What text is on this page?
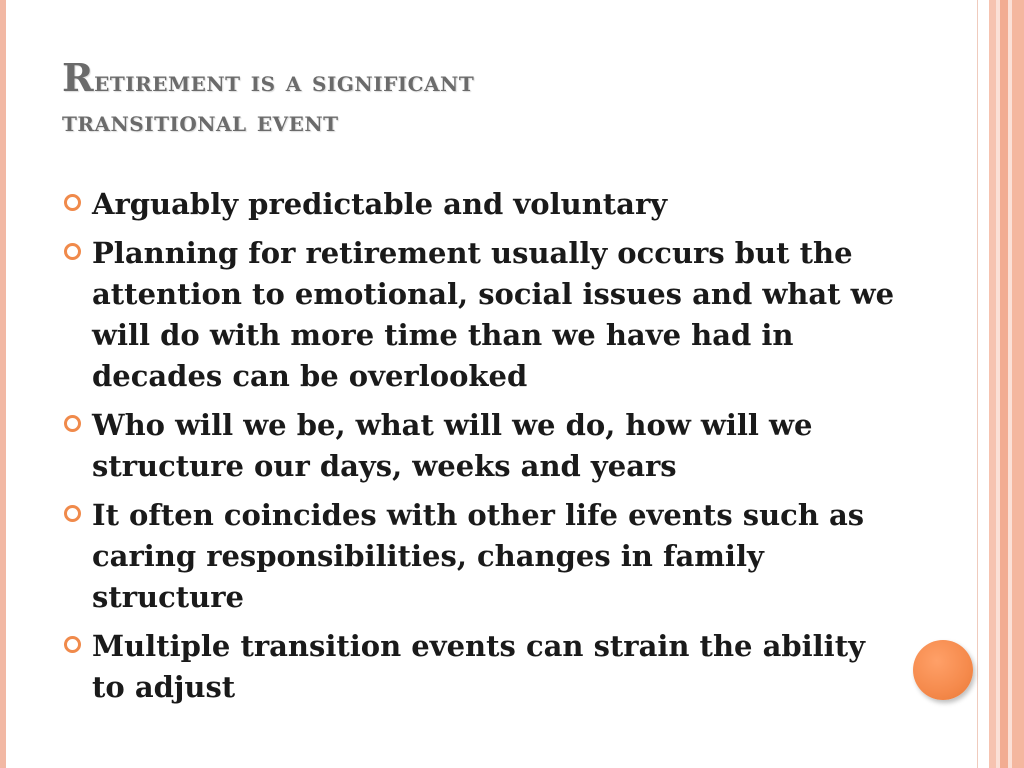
Retirement is a significant
transitional event
Arguably predictable and voluntary
Planning for retirement usually occurs but the attention to emotional, social issues and what we will do with more time than we have had in decades can be overlooked
Who will we be, what will we do, how will we structure our days, weeks and years
It often coincides with other life events such as caring responsibilities, changes in family structure
Multiple transition events can strain the ability to adjust
